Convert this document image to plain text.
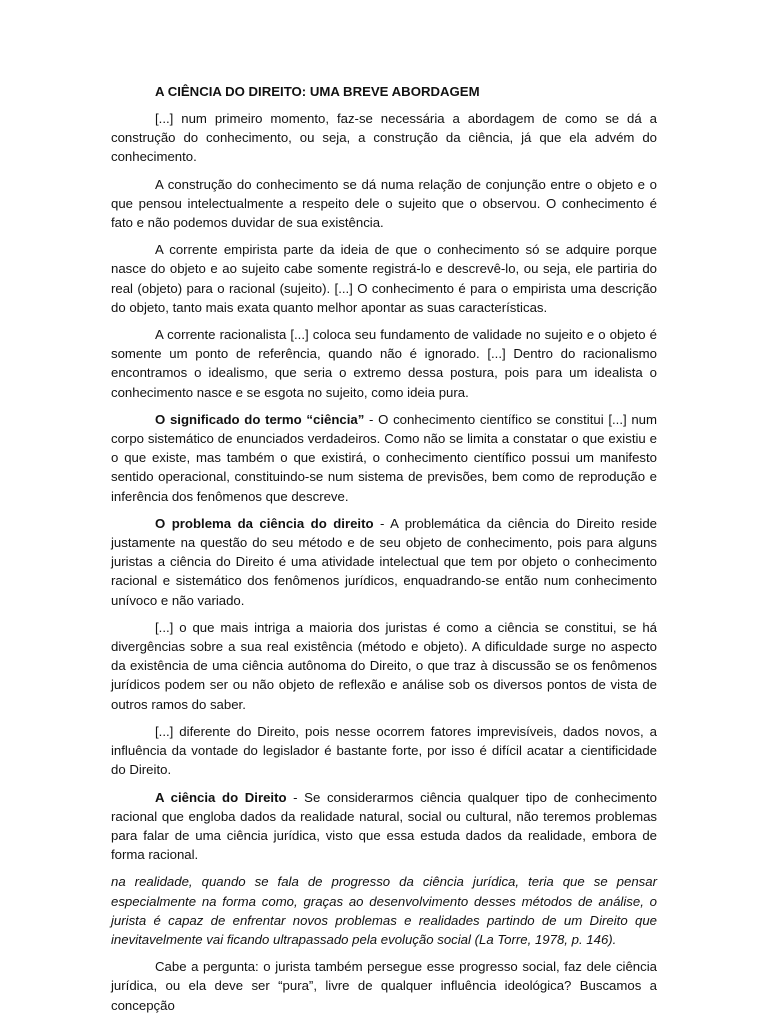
A CIÊNCIA DO DIREITO: UMA BREVE ABORDAGEM

[...] num primeiro momento, faz-se necessária a abordagem de como se dá a construção do conhecimento, ou seja, a construção da ciência, já que ela advém do conhecimento.

A construção do conhecimento se dá numa relação de conjunção entre o objeto e o que pensou intelectualmente a respeito dele o sujeito que o observou. O conhecimento é fato e não podemos duvidar de sua existência.

A corrente empirista parte da ideia de que o conhecimento só se adquire porque nasce do objeto e ao sujeito cabe somente registrá-lo e descrevê-lo, ou seja, ele partiria do real (objeto) para o racional (sujeito). [...] O conhecimento é para o empirista uma descrição do objeto, tanto mais exata quanto melhor apontar as suas características.

A corrente racionalista [...] coloca seu fundamento de validade no sujeito e o objeto é somente um ponto de referência, quando não é ignorado. [...] Dentro do racionalismo encontramos o idealismo, que seria o extremo dessa postura, pois para um idealista o conhecimento nasce e se esgota no sujeito, como ideia pura.

O significado do termo “ciência” - O conhecimento científico se constitui [...] num corpo sistemático de enunciados verdadeiros. Como não se limita a constatar o que existiu e o que existe, mas também o que existirá, o conhecimento científico possui um manifesto sentido operacional, constituindo-se num sistema de previsões, bem como de reprodução e inferência dos fenômenos que descreve.

O problema da ciência do direito - A problemática da ciência do Direito reside justamente na questão do seu método e de seu objeto de conhecimento, pois para alguns juristas a ciência do Direito é uma atividade intelectual que tem por objeto o conhecimento racional e sistemático dos fenômenos jurídicos, enquadrando-se então num conhecimento unívoco e não variado.

[...] o que mais intriga a maioria dos juristas é como a ciência se constitui, se há divergências sobre a sua real existência (método e objeto). A dificuldade surge no aspecto da existência de uma ciência autônoma do Direito, o que traz à discussão se os fenômenos jurídicos podem ser ou não objeto de reflexão e análise sob os diversos pontos de vista de outros ramos do saber.

[...] diferente do Direito, pois nesse ocorrem fatores imprevisíveis, dados novos, a influência da vontade do legislador é bastante forte, por isso é difícil acatar a cientificidade do Direito.

A ciência do Direito - Se considerarmos ciência qualquer tipo de conhecimento racional que engloba dados da realidade natural, social ou cultural, não teremos problemas para falar de uma ciência jurídica, visto que essa estuda dados da realidade, embora de forma racional.

na realidade, quando se fala de progresso da ciência jurídica, teria que se pensar especialmente na forma como, graças ao desenvolvimento desses métodos de análise, o jurista é capaz de enfrentar novos problemas e realidades partindo de um Direito que inevitavelmente vai ficando ultrapassado pela evolução social (La Torre, 1978, p. 146).

Cabe a pergunta: o jurista também persegue esse progresso social, faz dele ciência jurídica, ou ela deve ser “pura”, livre de qualquer influência ideológica? Buscamos a concepção
